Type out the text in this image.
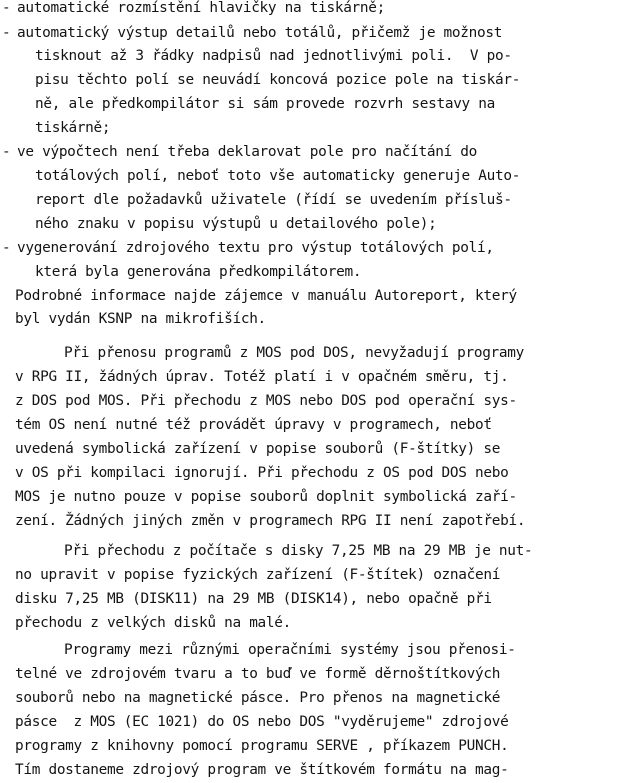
- automatické rozmístění hlavičky na tiskárně;
- automatický výstup detailů nebo totálů, přičemž je možnost
tisknout až 3 řádky nadpisů nad jednotlivými poli.  V po-
pisu těchto polí se neuvádí koncová pozice pole na tiskár-
ně, ale předkompilátor si sám provede rozvrh sestavy na
tiskárně;
- ve výpočtech není třeba deklarovat pole pro načítání do
totálových polí, neboť toto vše automaticky generuje Auto-
report dle požadavků uživatele (řídí se uvedením přísluš-
ného znaku v popisu výstupů u detailového pole);
- vygenerování zdrojového textu pro výstup totálových polí,
která byla generována předkompilátorem.
Podrobné informace najde zájemce v manuálu Autoreport, který
byl vydán KSNP na mikrofiších.
Při přenosu programů z MOS pod DOS, nevyžadují programy
v RPG II, žádných úprav. Totéž platí i v opačném směru, tj.
z DOS pod MOS. Při přechodu z MOS nebo DOS pod operační sys-
tém OS není nutné též provádět úpravy v programech, neboť
uvedená symbolická zařízení v popise souborů (F-štítky) se
v OS při kompilaci ignorují. Při přechodu z OS pod DOS nebo
MOS je nutno pouze v popise souborů doplnit symbolická zaří-
zení. Žádných jiných změn v programech RPG II není zapotřebí.
Při přechodu z počítače s disky 7,25 MB na 29 MB je nut-
no upravit v popise fyzických zařízení (F-štítek) označení
disku 7,25 MB (DISK11) na 29 MB (DISK14), nebo opačně při
přechodu z velkých disků na malé.
Programy mezi různými operačními systémy jsou přenosi-
telné ve zdrojovém tvaru a to buď ve formě děrnoštítkových
souborů nebo na magnetické pásce. Pro přenos na magnetické
pásce  z MOS (EC 1021) do OS nebo DOS "vyděrujeme" zdrojové
programy z knihovny pomocí programu SERVE , příkazem PUNCH.
Tím dostaneme zdrojový program ve štítkovém formátu na mag-
